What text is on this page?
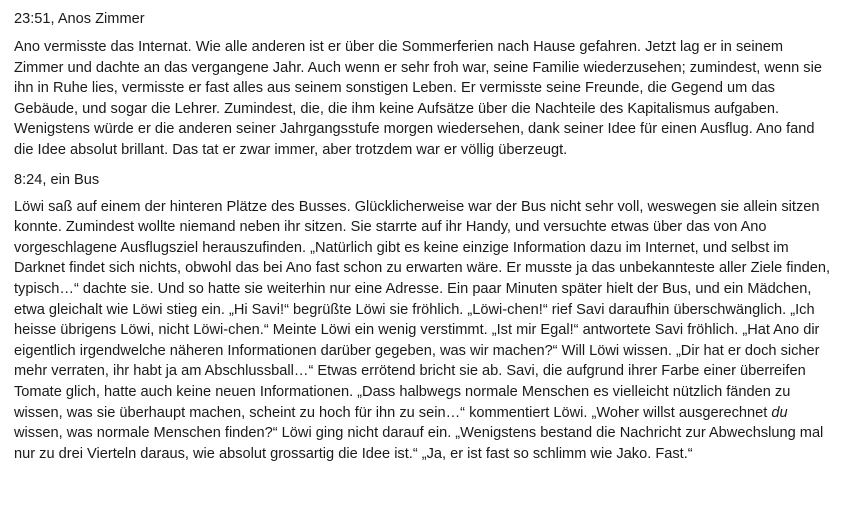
23:51, Anos Zimmer

Ano vermisste das Internat. Wie alle anderen ist er über die Sommerferien nach Hause gefahren. Jetzt lag er in seinem Zimmer und dachte an das vergangene Jahr. Auch wenn er sehr froh war, seine Familie wiederzusehen; zumindest, wenn sie ihn in Ruhe lies, vermisste er fast alles aus seinem sonstigen Leben. Er vermisste seine Freunde, die Gegend um das Gebäude, und sogar die Lehrer. Zumindest, die, die ihm keine Aufsätze über die Nachteile des Kapitalismus aufgaben. Wenigstens würde er die anderen seiner Jahrgangsstufe morgen wiedersehen, dank seiner Idee für einen Ausflug. Ano fand die Idee absolut brillant. Das tat er zwar immer, aber trotzdem war er völlig überzeugt.

8:24, ein Bus

Löwi saß auf einem der hinteren Plätze des Busses. Glücklicherweise war der Bus nicht sehr voll, weswegen sie allein sitzen konnte. Zumindest wollte niemand neben ihr sitzen. Sie starrte auf ihr Handy, und versuchte etwas über das von Ano vorgeschlagene Ausflugsziel herauszufinden. „Natürlich gibt es keine einzige Information dazu im Internet, und selbst im Darknet findet sich nichts, obwohl das bei Ano fast schon zu erwarten wäre. Er musste ja das unbekannteste aller Ziele finden, typisch…“ dachte sie. Und so hatte sie weiterhin nur eine Adresse. Ein paar Minuten später hielt der Bus, und ein Mädchen, etwa gleichalt wie Löwi stieg ein. „Hi Savi!“ begrüßte Löwi sie fröhlich. „Löwi-chen!“ rief Savi daraufhin überschwänglich. „Ich heisse übrigens Löwi, nicht Löwi-chen.“ Meinte Löwi ein wenig verstimmt. „Ist mir Egal!“ antwortete Savi fröhlich. „Hat Ano dir eigentlich irgendwelche näheren Informationen darüber gegeben, was wir machen?“ Will Löwi wissen. „Dir hat er doch sicher mehr verraten, ihr habt ja am Abschlussball…“ Etwas errötend bricht sie ab. Savi, die aufgrund ihrer Farbe einer überreifen Tomate glich, hatte auch keine neuen Informationen. „Dass halbwegs normale Menschen es vielleicht nützlich fänden zu wissen, was sie überhaupt machen, scheint zu hoch für ihn zu sein…“ kommentiert Löwi. „Woher willst ausgerechnet du wissen, was normale Menschen finden?“ Löwi ging nicht darauf ein. „Wenigstens bestand die Nachricht zur Abwechslung mal nur zu drei Vierteln daraus, wie absolut grossartig die Idee ist.“ „Ja, er ist fast so schlimm wie Jako. Fast.“
